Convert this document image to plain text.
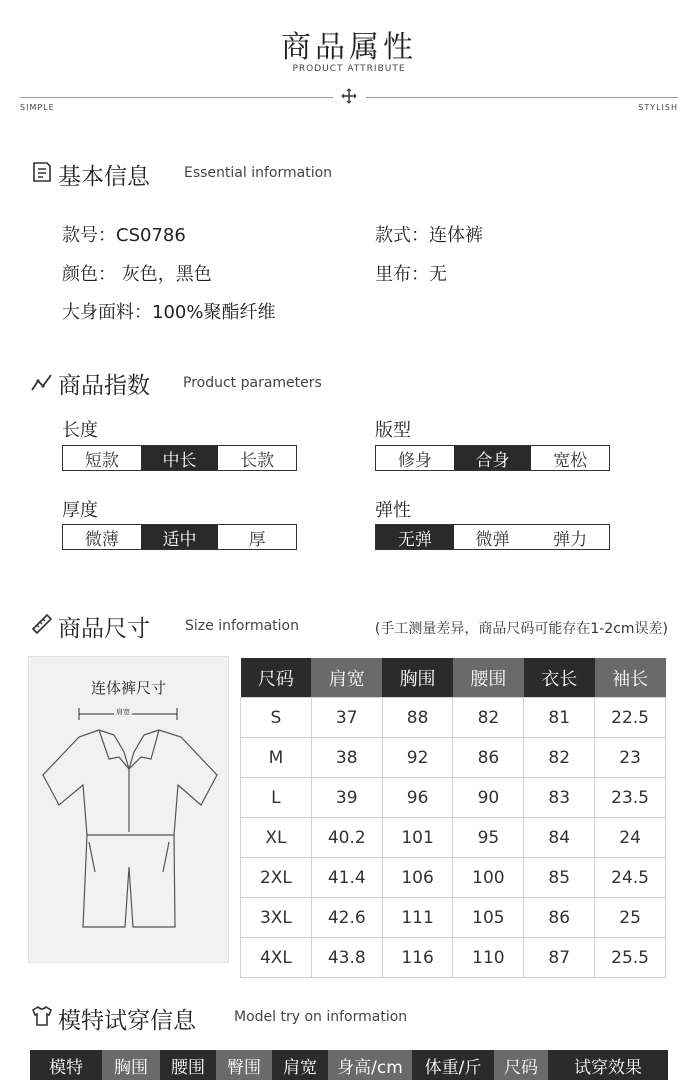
商品属性
PRODUCT ATTRIBUTE
SIMPLE	STYLISH
基本信息 Essential information
款号：CS0786	款式：连体裤
颜色： 灰色，黑色	里布：无
大身面料：100%聚酯纤维
商品指数 Product parameters
长度
短款	中长	长款
版型
修身	合身	宽松
厚度
微薄	适中	厚
弹性
无弹	微弹	弹力
商品尺寸	Size information	(手工测量差异，商品尺码可能存在1-2cm误差)
连体裤尺寸
肩宽
尺码	肩宽	胸围	腰围	衣长	袖长
S	37	88	82	81	22.5
M	38	92	86	82	23
L	39	96	90	83	23.5
XL	40.2	101	95	84	24
2XL	41.4	106	100	85	24.5
3XL	42.6	111	105	86	25
4XL	43.8	116	110	87	25.5
模特试穿信息	Model try on information
模特	胸围	腰围	臀围	肩宽	身高/cm	体重/斤	尺码	试穿效果
